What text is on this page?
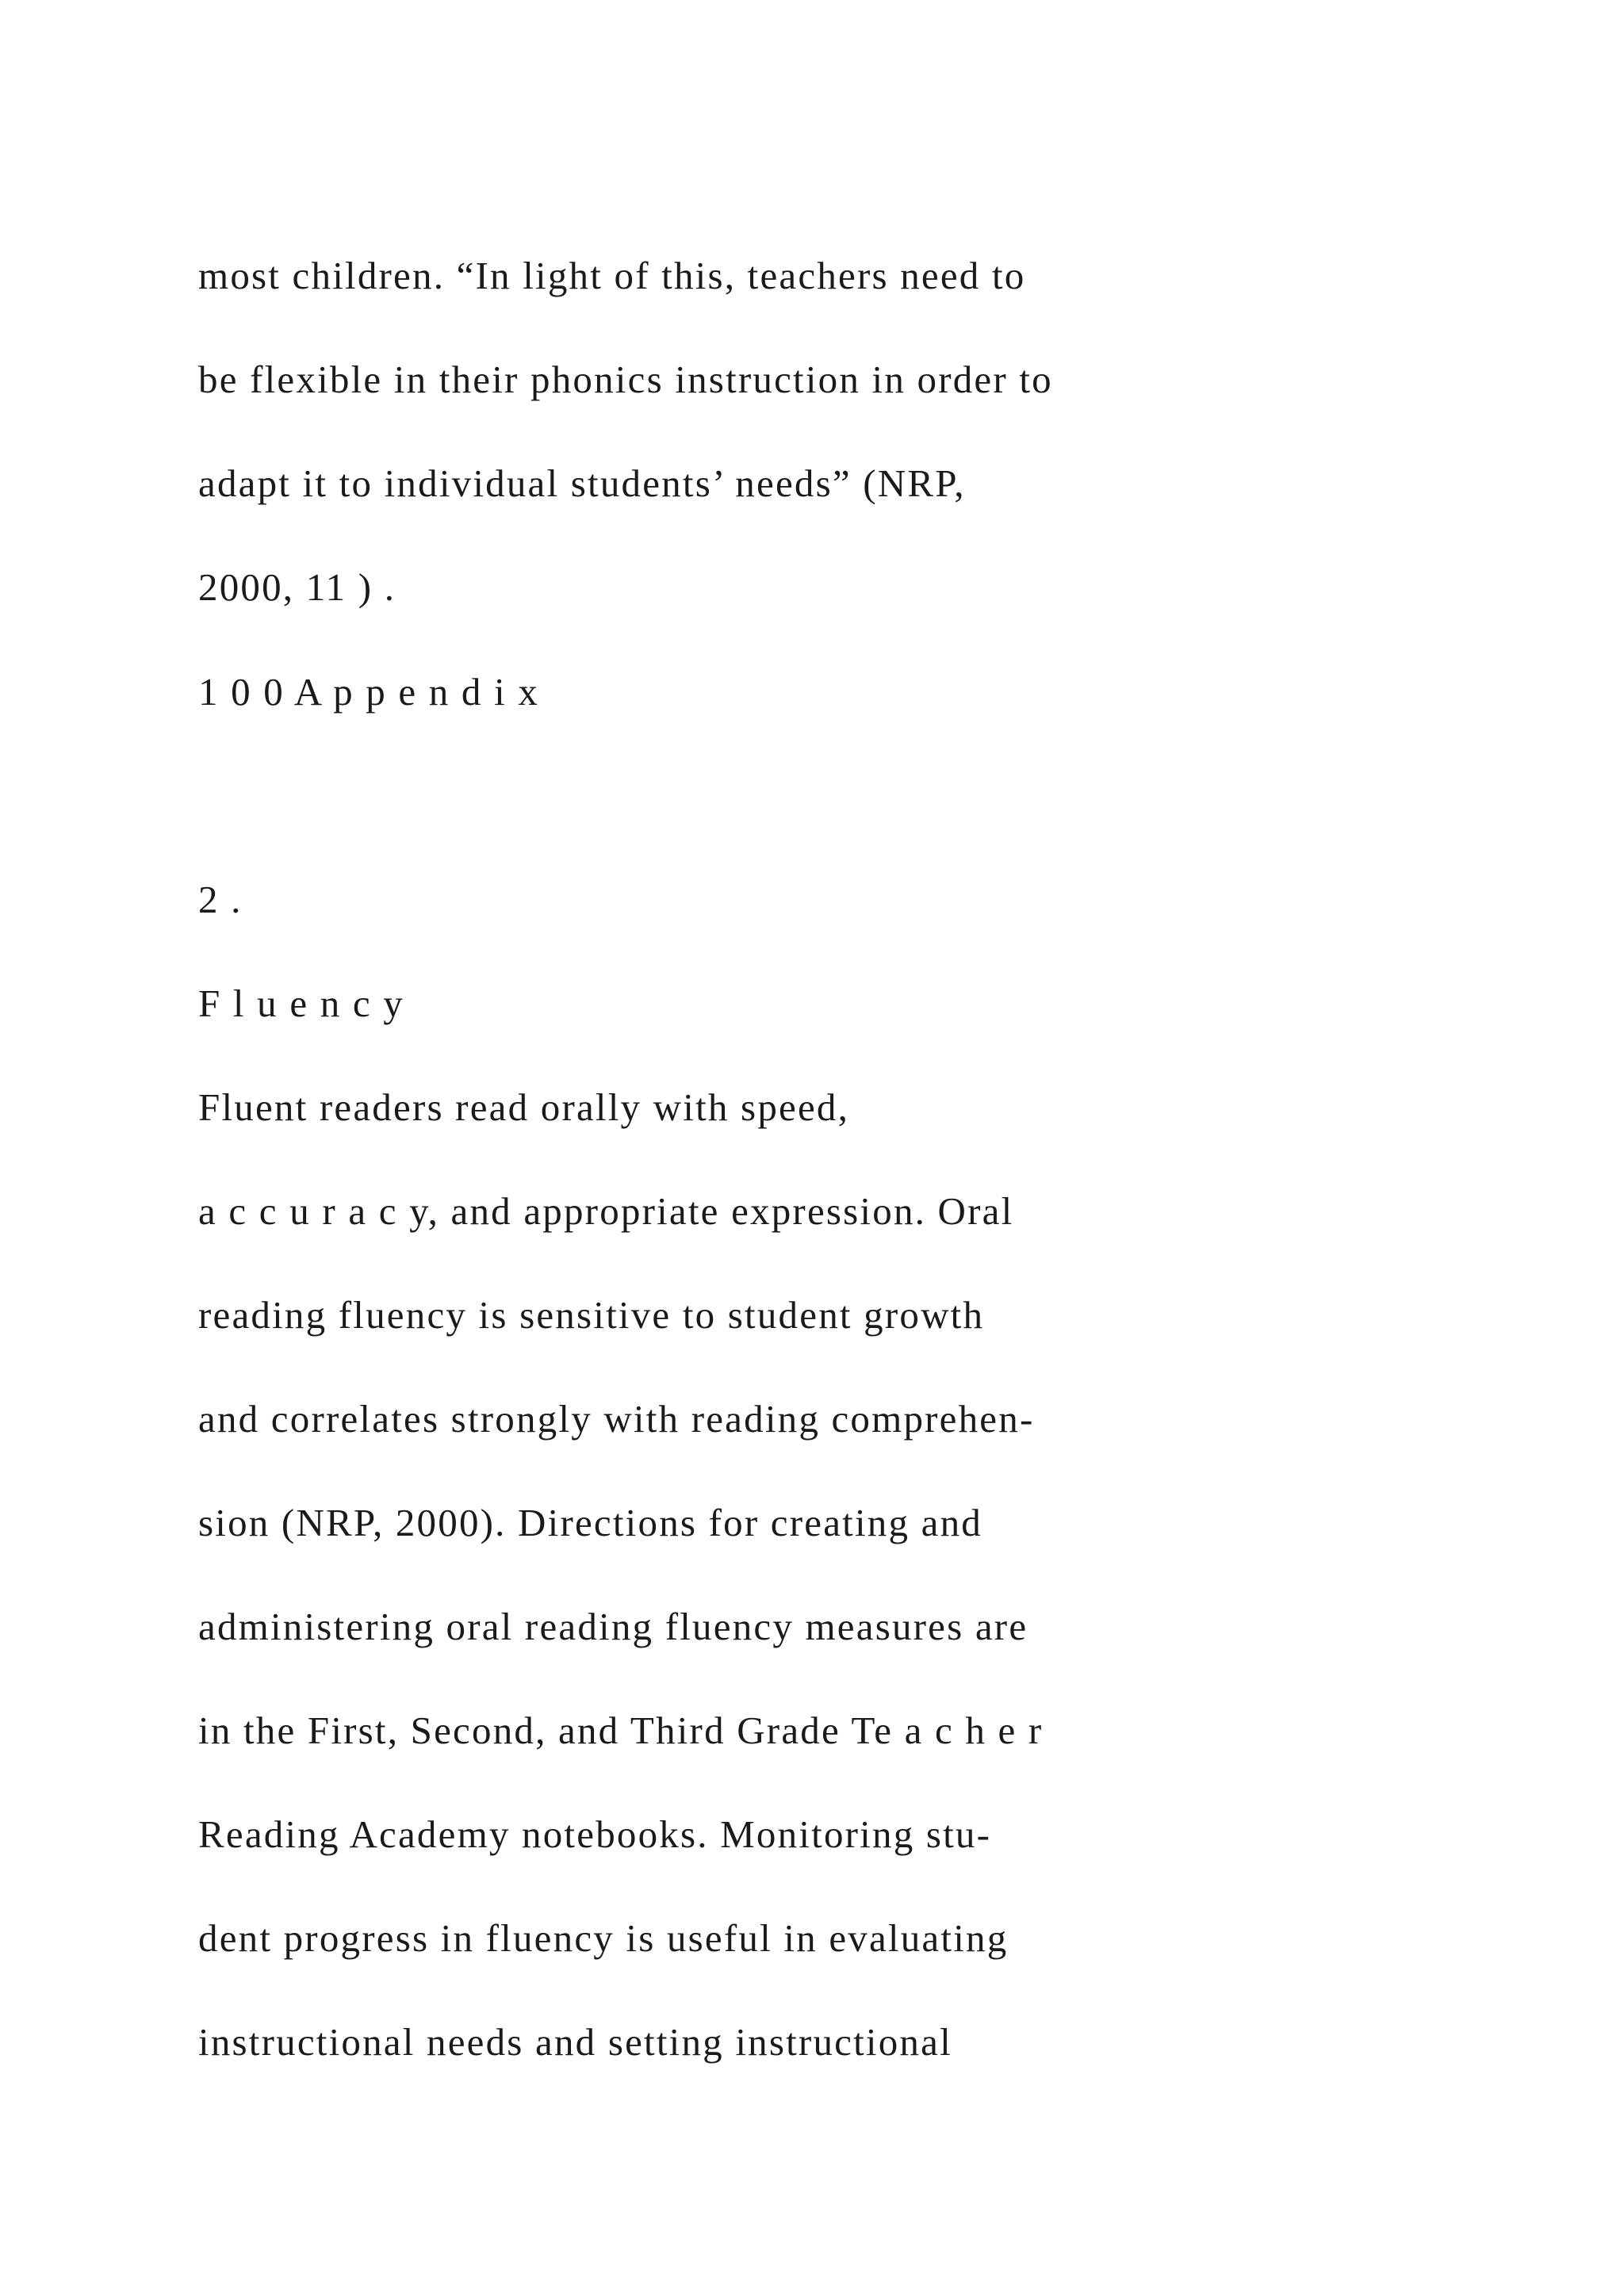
most children. “In light of this, teachers need to

be flexible in their phonics instruction in order to

adapt it to individual students’ needs” (NRP,

2000, 11 ) .

1 0 0 A p p e n d i x

2 .

F l u e n c y

Fluent readers read orally with speed,

a c c u r a c y, and appropriate expression. Oral

reading fluency is sensitive to student growth

and correlates strongly with reading comprehen-

sion (NRP, 2000). Directions for creating and

administering oral reading fluency measures are

in the First, Second, and Third Grade Te a c h e r

Reading Academy notebooks. Monitoring stu-

dent progress in fluency is useful in evaluating

instructional needs and setting instructional
